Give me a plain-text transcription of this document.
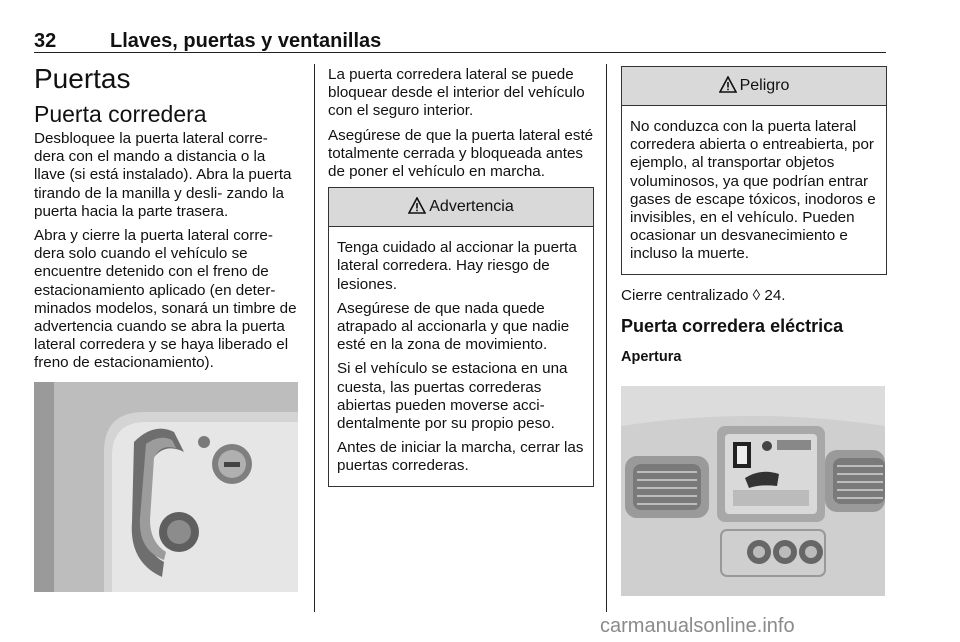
32	Llaves, puertas y ventanillas
Puertas
Puerta corredera

Desbloquee la puerta lateral corre- dera con el mando a distancia o la llave (si está instalado). Abra la puerta tirando de la manilla y desli- zando la puerta hacia la parte trasera.

Abra y cierre la puerta lateral corre- dera solo cuando el vehículo se encuentre detenido con el freno de estacionamiento aplicado (en deter- minados modelos, sonará un timbre de advertencia cuando se abra la puerta lateral corredera y se haya liberado el freno de estacionamiento).

La puerta corredera lateral se puede bloquear desde el interior del vehículo con el seguro interior.

Asegúrese de que la puerta lateral esté totalmente cerrada y bloqueada antes de poner el vehículo en marcha.

Advertencia

Tenga cuidado al accionar la puerta lateral corredera. Hay riesgo de lesiones.

Asegúrese de que nada quede atrapado al accionarla y que nadie esté en la zona de movimiento.

Si el vehículo se estaciona en una cuesta, las puertas correderas abiertas pueden moverse acci- dentalmente por su propio peso.

Antes de iniciar la marcha, cerrar las puertas correderas.

Peligro

No conduzca con la puerta lateral corredera abierta o entreabierta, por ejemplo, al transportar objetos voluminosos, ya que podrían entrar gases de escape tóxicos, inodoros e invisibles, en el vehículo. Pueden ocasionar un desvanecimiento e incluso la muerte.

Cierre centralizado ◊ 24.

Puerta corredera eléctrica
Apertura
carmanualsonline.info
